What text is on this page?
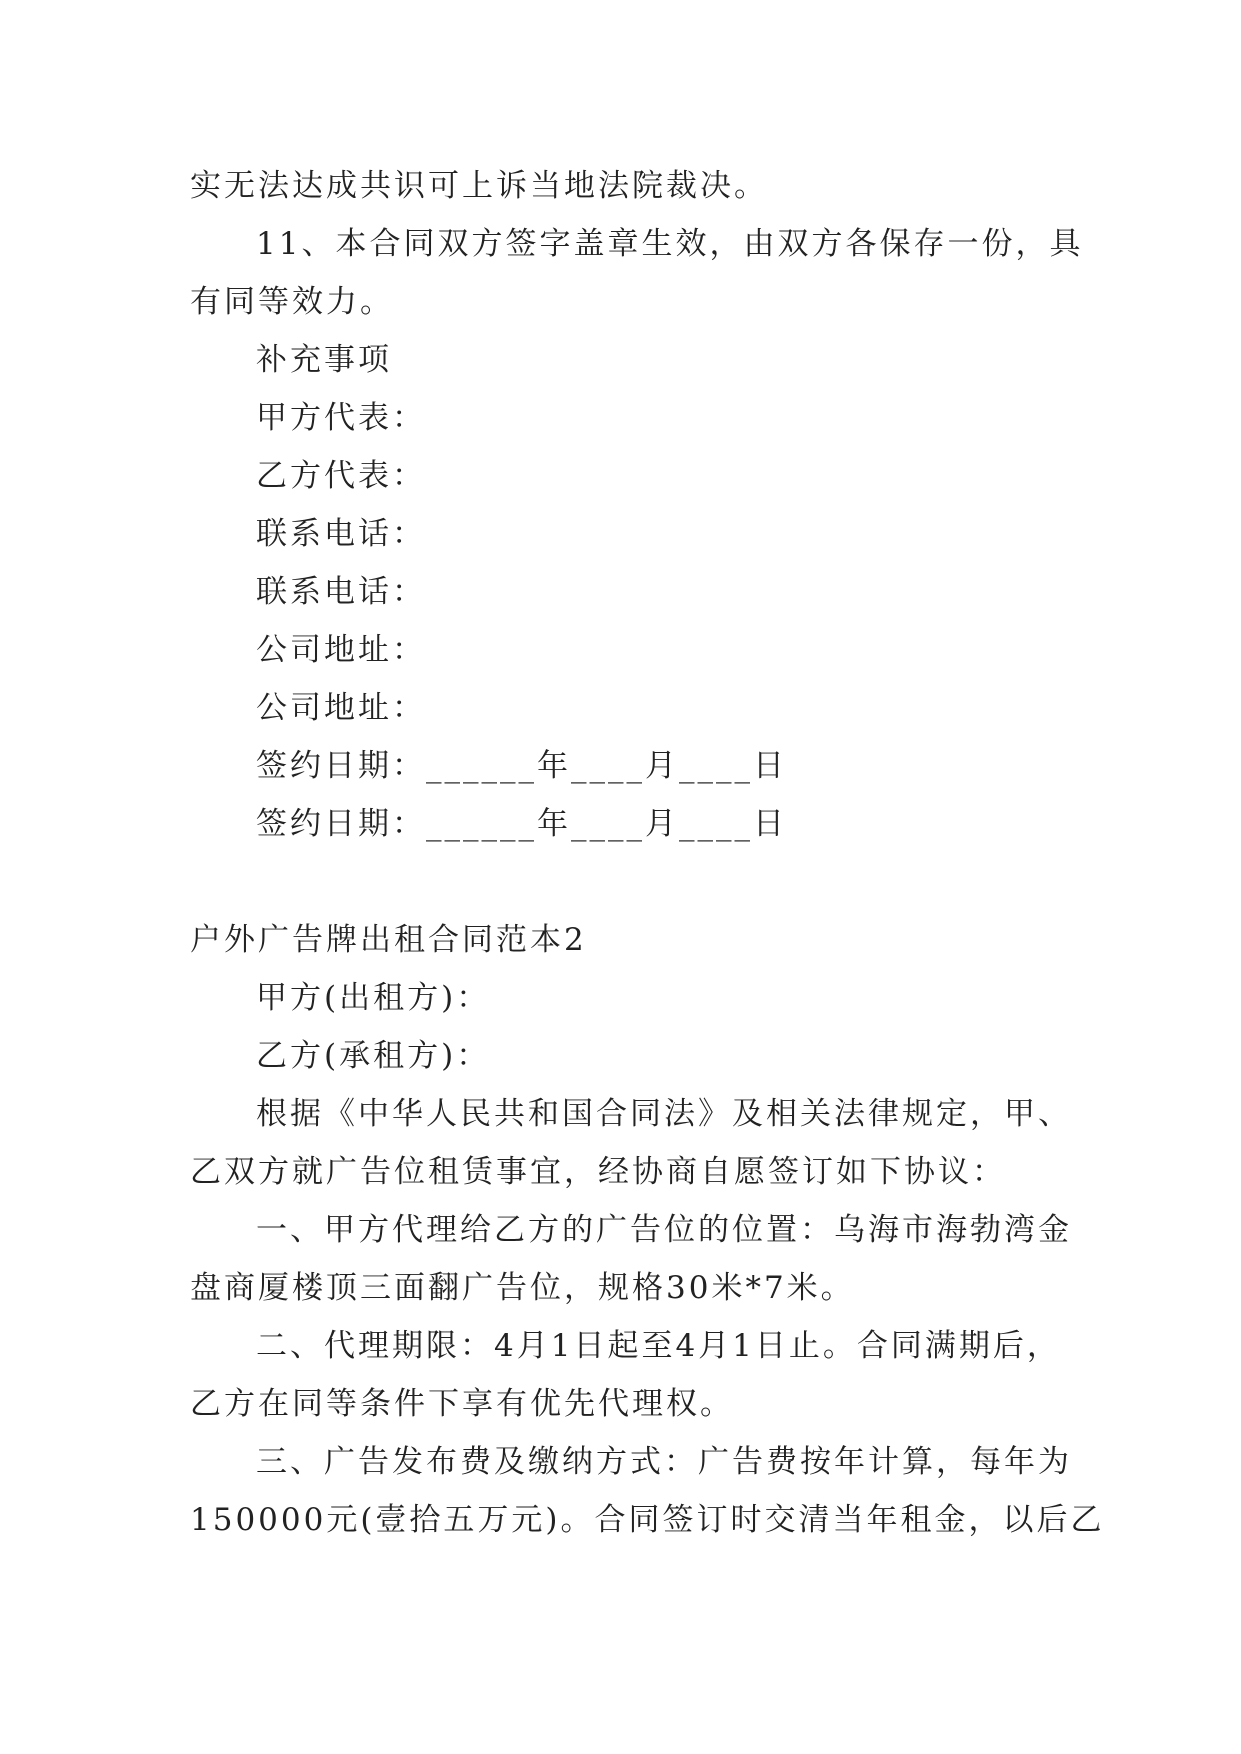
实无法达成共识可上诉当地法院裁决。
11、本合同双方签字盖章生效，由双方各保存一份，具
有同等效力。
补充事项
甲方代表：
乙方代表：
联系电话：
联系电话：
公司地址：
公司地址：
签约日期：______年____月____日
签约日期：______年____月____日
户外广告牌出租合同范本2
甲方(出租方)：
乙方(承租方)：
根据《中华人民共和国合同法》及相关法律规定，甲、
乙双方就广告位租赁事宜，经协商自愿签订如下协议：
一、甲方代理给乙方的广告位的位置：乌海市海勃湾金
盘商厦楼顶三面翻广告位，规格30米*7米。
二、代理期限：4月1日起至4月1日止。合同满期后，
乙方在同等条件下享有优先代理权。
三、广告发布费及缴纳方式：广告费按年计算，每年为
150000元(壹拾五万元)。合同签订时交清当年租金，以后乙
